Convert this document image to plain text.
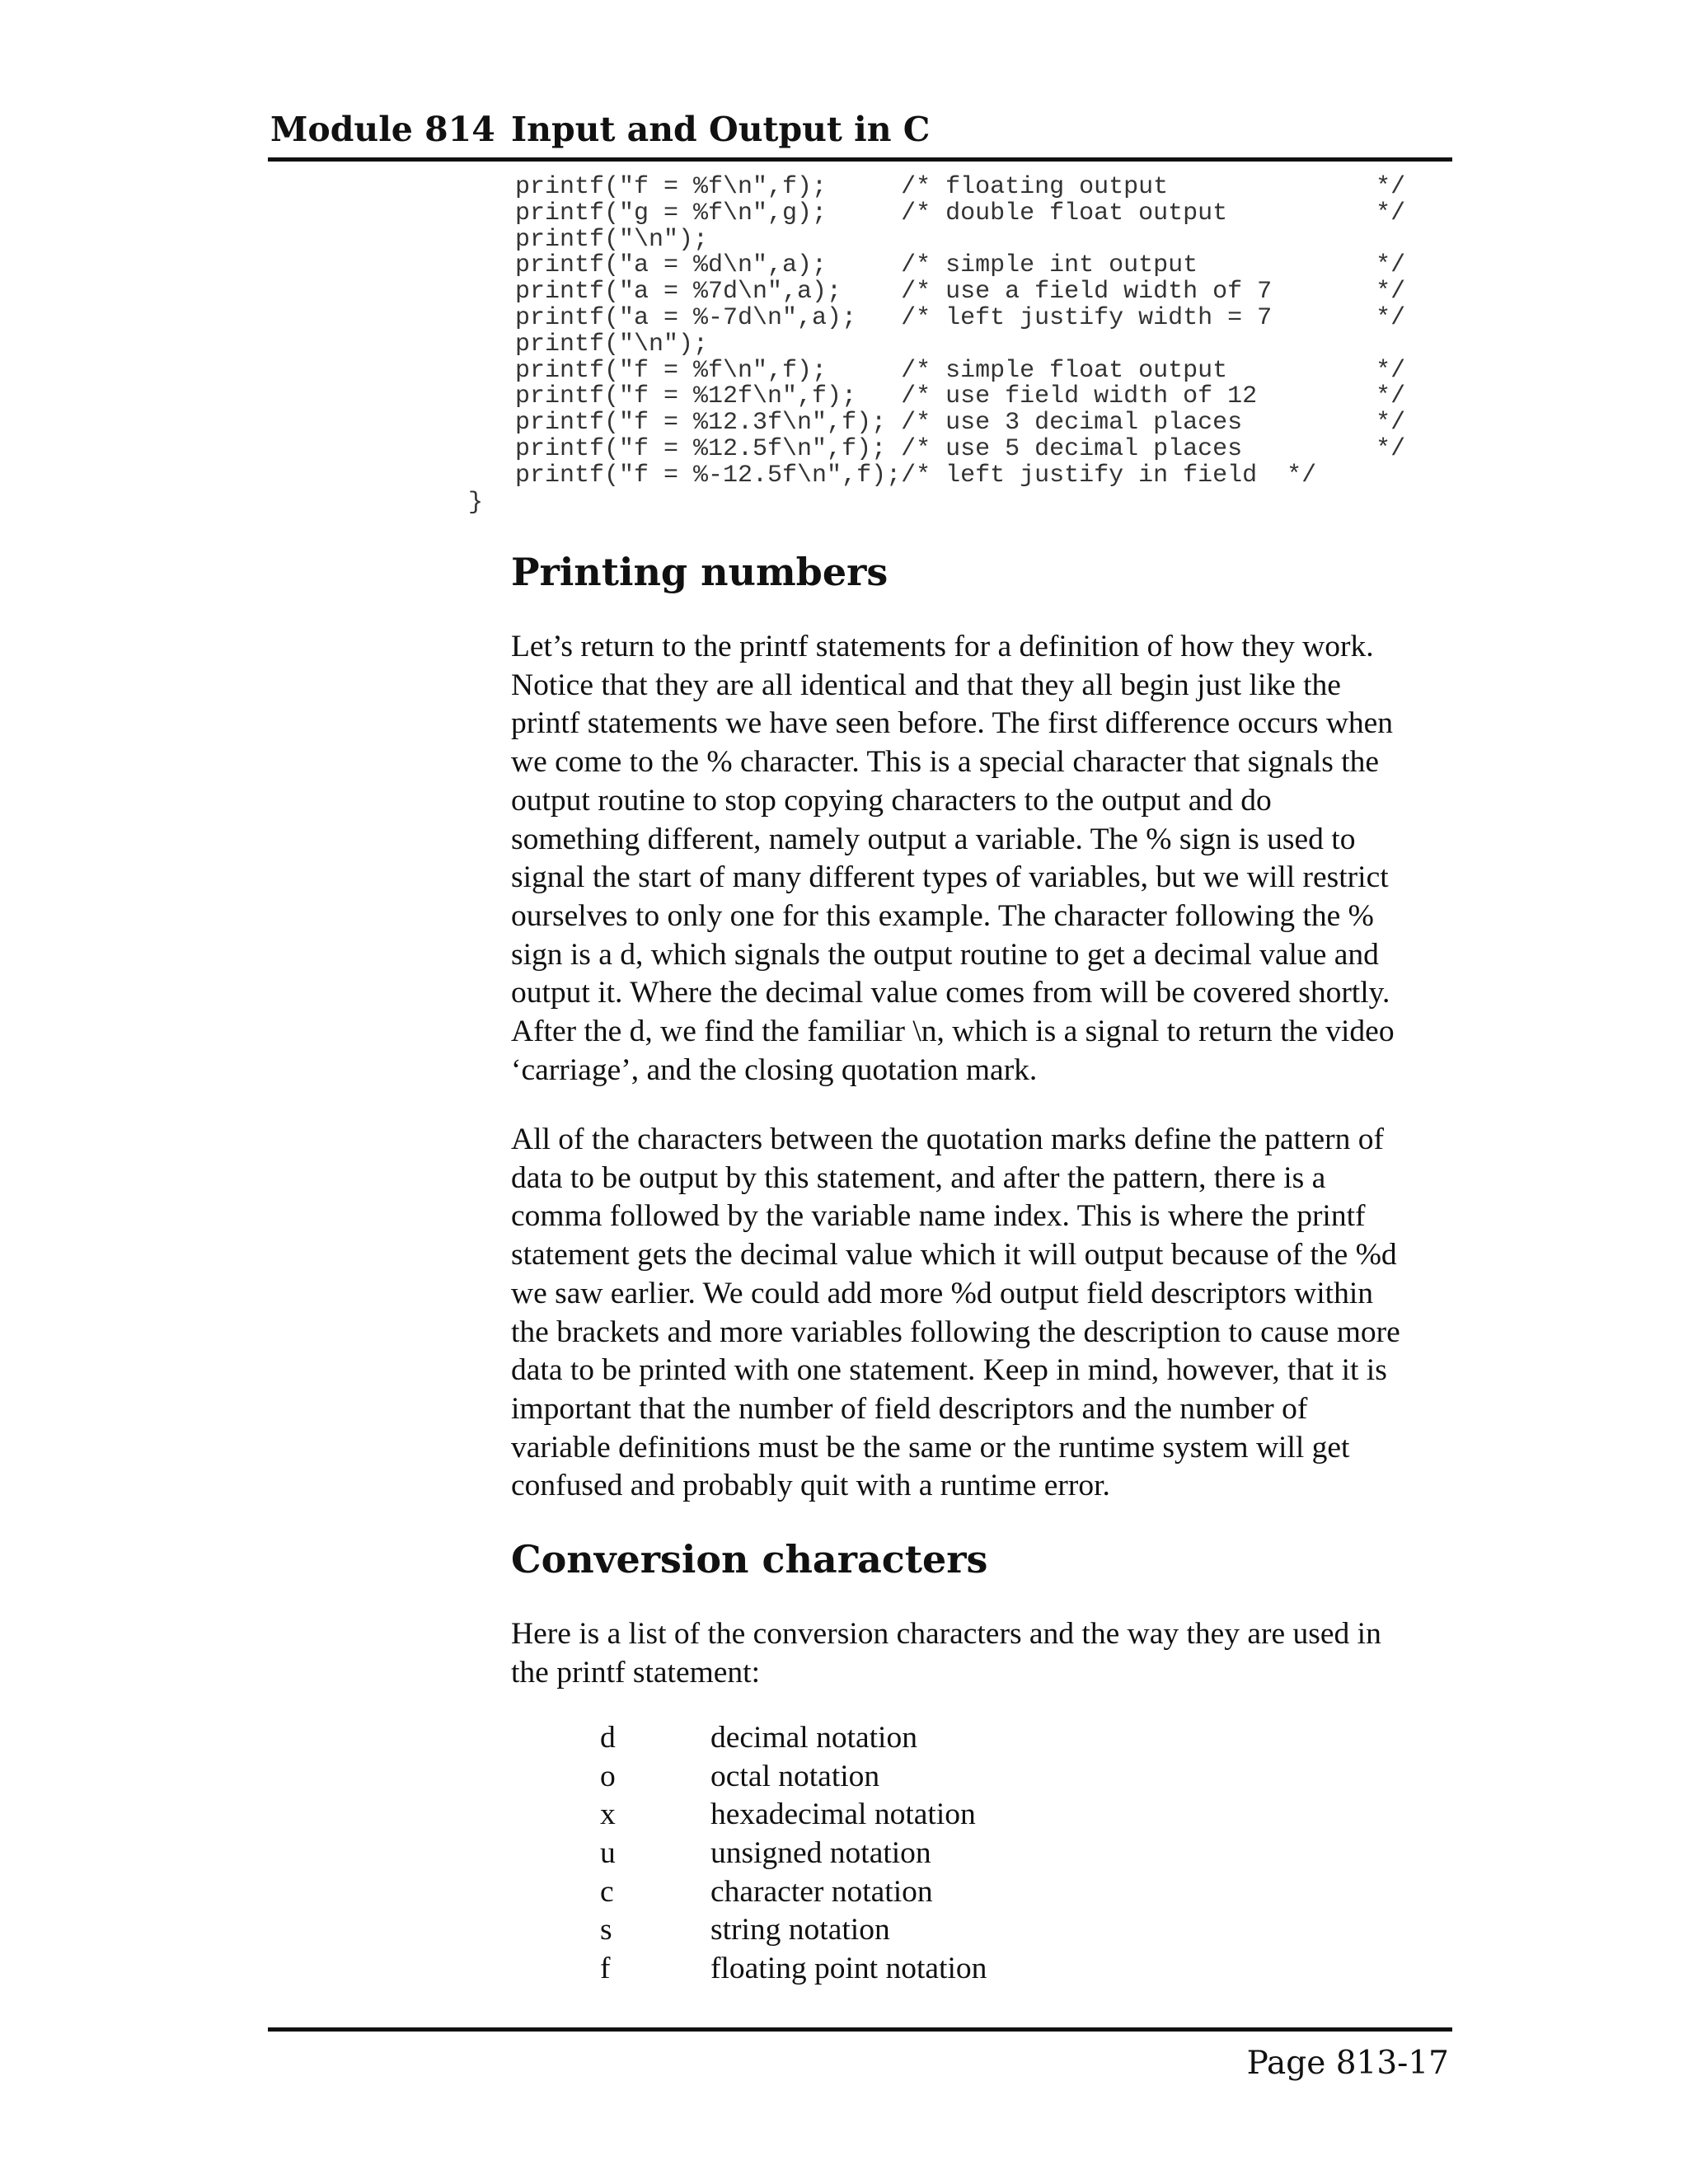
Module 814 Input and Output in C
printf("f = %f\n",f);     /* floating output              */
printf("g = %f\n",g);     /* double float output          */
printf("\n");
printf("a = %d\n",a);     /* simple int output            */
printf("a = %7d\n",a);    /* use a field width of 7       */
printf("a = %-7d\n",a);   /* left justify width = 7       */
printf("\n");
printf("f = %f\n",f);     /* simple float output          */
printf("f = %12f\n",f);   /* use field width of 12        */
printf("f = %12.3f\n",f); /* use 3 decimal places         */
printf("f = %12.5f\n",f); /* use 5 decimal places         */
printf("f = %-12.5f\n",f);/* left justify in field  */
}
Printing numbers

Let’s return to the printf statements for a definition of how they work.
Notice that they are all identical and that they all begin just like the
printf statements we have seen before. The first difference occurs when
we come to the % character. This is a special character that signals the
output routine to stop copying characters to the output and do
something different, namely output a variable. The % sign is used to
signal the start of many different types of variables, but we will restrict
ourselves to only one for this example. The character following the %
sign is a d, which signals the output routine to get a decimal value and
output it. Where the decimal value comes from will be covered shortly.
After the d, we find the familiar \n, which is a signal to return the video
‘carriage’, and the closing quotation mark.

All of the characters between the quotation marks define the pattern of
data to be output by this statement, and after the pattern, there is a
comma followed by the variable name index. This is where the printf
statement gets the decimal value which it will output because of the %d
we saw earlier. We could add more %d output field descriptors within
the brackets and more variables following the description to cause more
data to be printed with one statement. Keep in mind, however, that it is
important that the number of field descriptors and the number of
variable definitions must be the same or the runtime system will get
confused and probably quit with a runtime error.

Conversion characters

Here is a list of the conversion characters and the way they are used in
the printf statement:

d	decimal notation
o	octal notation
x	hexadecimal notation
u	unsigned notation
c	character notation
s	string notation
f	floating point notation
Page 813-17
